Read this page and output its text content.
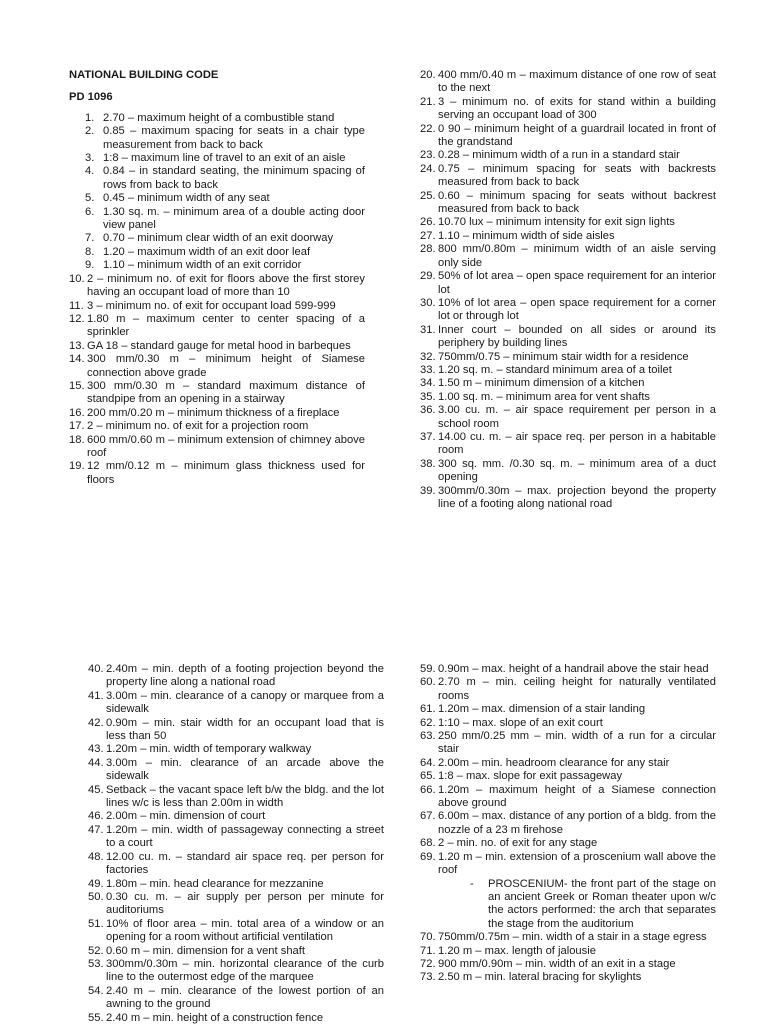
NATIONAL BUILDING CODE

PD 1096

1. 2.70 – maximum height of a combustible stand
2. 0.85 – maximum spacing for seats in a chair type measurement from back to back
3. 1:8 – maximum line of travel to an exit of an aisle
4. 0.84 – in standard seating, the minimum spacing of rows from back to back
5. 0.45 – minimum width of any seat
6. 1.30 sq. m. – minimum area of a double acting door view panel
7. 0.70 – minimum clear width of an exit doorway
8. 1.20 – maximum width of an exit door leaf
9. 1.10 – minimum width of an exit corridor
10. 2 – minimum no. of exit for floors above the first storey having an occupant load of more than 10
11. 3 – minimum no. of exit for occupant load 599-999
12. 1.80 m – maximum center to center spacing of a sprinkler
13. GA 18 – standard gauge for metal hood in barbeques
14. 300 mm/0.30 m – minimum height of Siamese connection above grade
15. 300 mm/0.30 m – standard maximum distance of standpipe from an opening in a stairway
16. 200 mm/0.20 m – minimum thickness of a fireplace
17. 2 – minimum no. of exit for a projection room
18. 600 mm/0.60 m – minimum extension of chimney above roof
19. 12 mm/0.12 m – minimum glass thickness used for floors
20. 400 mm/0.40 m – maximum distance of one row of seat to the next
21. 3 – minimum no. of exits for stand within a building serving an occupant load of 300
22. 0 90 – minimum height of a guardrail located in front of the grandstand
23. 0.28 – minimum width of a run in a standard stair
24. 0.75 – minimum spacing for seats with backrests measured from back to back
25. 0.60 – minimum spacing for seats without backrest measured from back to back
26. 10.70 lux – minimum intensity for exit sign lights
27. 1.10 – minimum width of side aisles
28. 800 mm/0.80m – minimum width of an aisle serving only side
29. 50% of lot area – open space requirement for an interior lot
30. 10% of lot area – open space requirement for a corner lot or through lot
31. Inner court – bounded on all sides or around its periphery by building lines
32. 750mm/0.75 – minimum stair width for a residence
33. 1.20 sq. m. – standard minimum area of a toilet
34. 1.50 m – minimum dimension of a kitchen
35. 1.00 sq. m. – minimum area for vent shafts
36. 3.00 cu. m. – air space requirement per person in a school room
37. 14.00 cu. m. – air space req. per person in a habitable room
38. 300 sq. mm. /0.30 sq. m. – minimum area of a duct opening
39. 300mm/0.30m – max. projection beyond the property line of a footing along national road
40. 2.40m – min. depth of a footing projection beyond the property line along a national road
41. 3.00m – min. clearance of a canopy or marquee from a sidewalk
42. 0.90m – min. stair width for an occupant load that is less than 50
43. 1.20m – min. width of temporary walkway
44. 3.00m – min. clearance of an arcade above the sidewalk
45. Setback – the vacant space left b/w the bldg. and the lot lines w/c is less than 2.00m in width
46. 2.00m – min. dimension of court
47. 1.20m – min. width of passageway connecting a street to a court
48. 12.00 cu. m. – standard air space req. per person for factories
49. 1.80m – min. head clearance for mezzanine
50. 0.30 cu. m. – air supply per person per minute for auditoriums
51. 10% of floor area – min. total area of a window or an opening for a room without artificial ventilation
52. 0.60 m – min. dimension for a vent shaft
53. 300mm/0.30m – min. horizontal clearance of the curb line to the outermost edge of the marquee
54. 2.40 m – min. clearance of the lowest portion of an awning to the ground
55. 2.40 m – min. height of a construction fence
59. 0.90m – max. height of a handrail above the stair head
60. 2.70 m – min. ceiling height for naturally ventilated rooms
61. 1.20m – max. dimension of a stair landing
62. 1:10 – max. slope of an exit court
63. 250 mm/0.25 mm – min. width of a run for a circular stair
64. 2.00m – min. headroom clearance for any stair
65. 1:8 – max. slope for exit passageway
66. 1.20m – maximum height of a Siamese connection above ground
67. 6.00m – max. distance of any portion of a bldg. from the nozzle of a 23 m firehose
68. 2 – min. no. of exit for any stage
69. 1.20 m – min. extension of a proscenium wall above the roof
-	PROSCENIUM- the front part of the stage on an ancient Greek or Roman theater upon w/c the actors performed: the arch that separates the stage from the auditorium
70. 750mm/0.75m – min. width of a stair in a stage egress
71. 1.20 m – max. length of jalousie
72. 900 mm/0.90m – min. width of an exit in a stage
73. 2.50 m – min. lateral bracing for skylights
